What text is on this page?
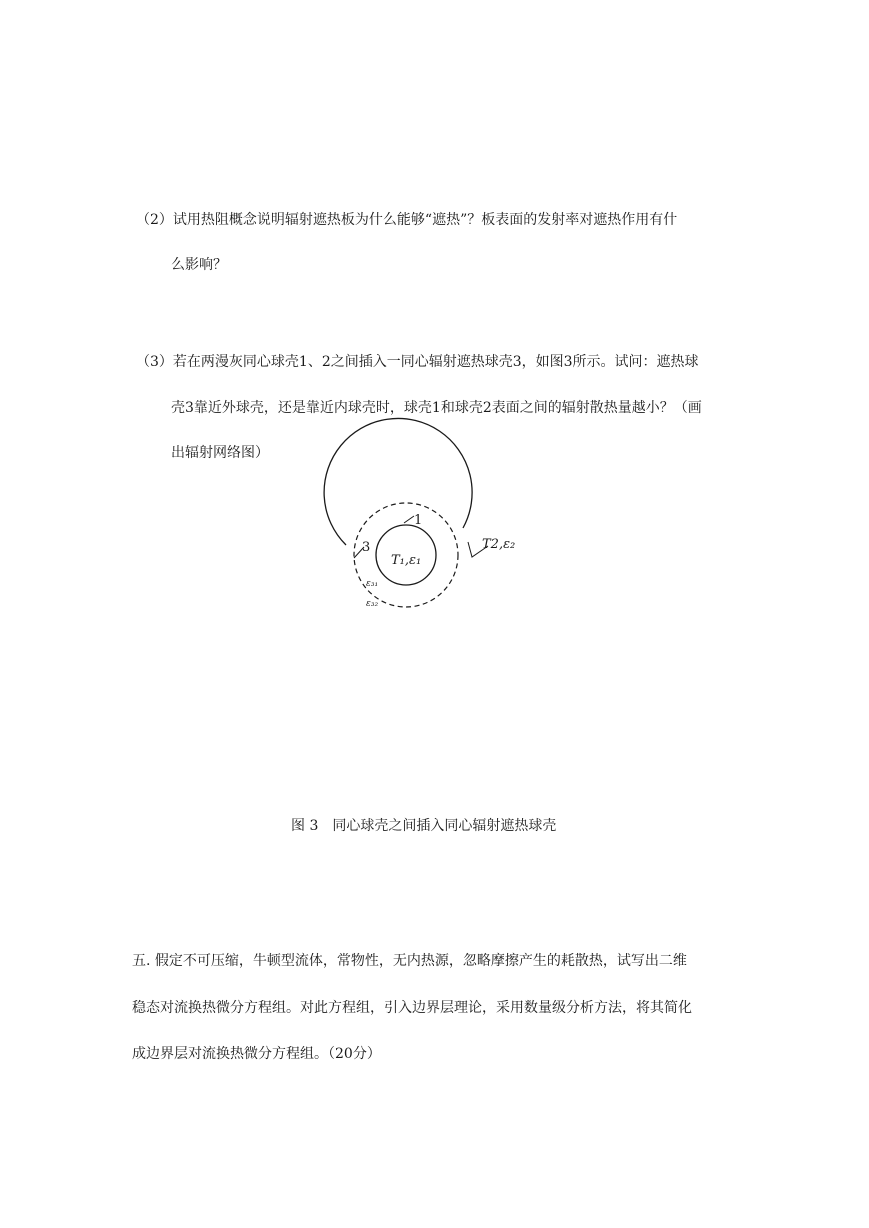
（2）试用热阻概念说明辐射遮热板为什么能够“遮热”？板表面的发射率对遮热作用有什
么影响？
（3）若在两漫灰同心球壳1、2之间插入一同心辐射遮热球壳3，如图3所示。试问：遮热球
壳3靠近外球壳，还是靠近内球壳时，球壳1和球壳2表面之间的辐射散热量越小？（画
出辐射网络图）
1
3	T2,ε₂
T₁,ε₁
ε₃₁
ε₃₂
图 3　同心球壳之间插入同心辐射遮热球壳
五. 假定不可压缩，牛顿型流体，常物性，无内热源，忽略摩擦产生的耗散热，试写出二维
稳态对流换热微分方程组。对此方程组，引入边界层理论，采用数量级分析方法，将其简化
成边界层对流换热微分方程组。（20分）
